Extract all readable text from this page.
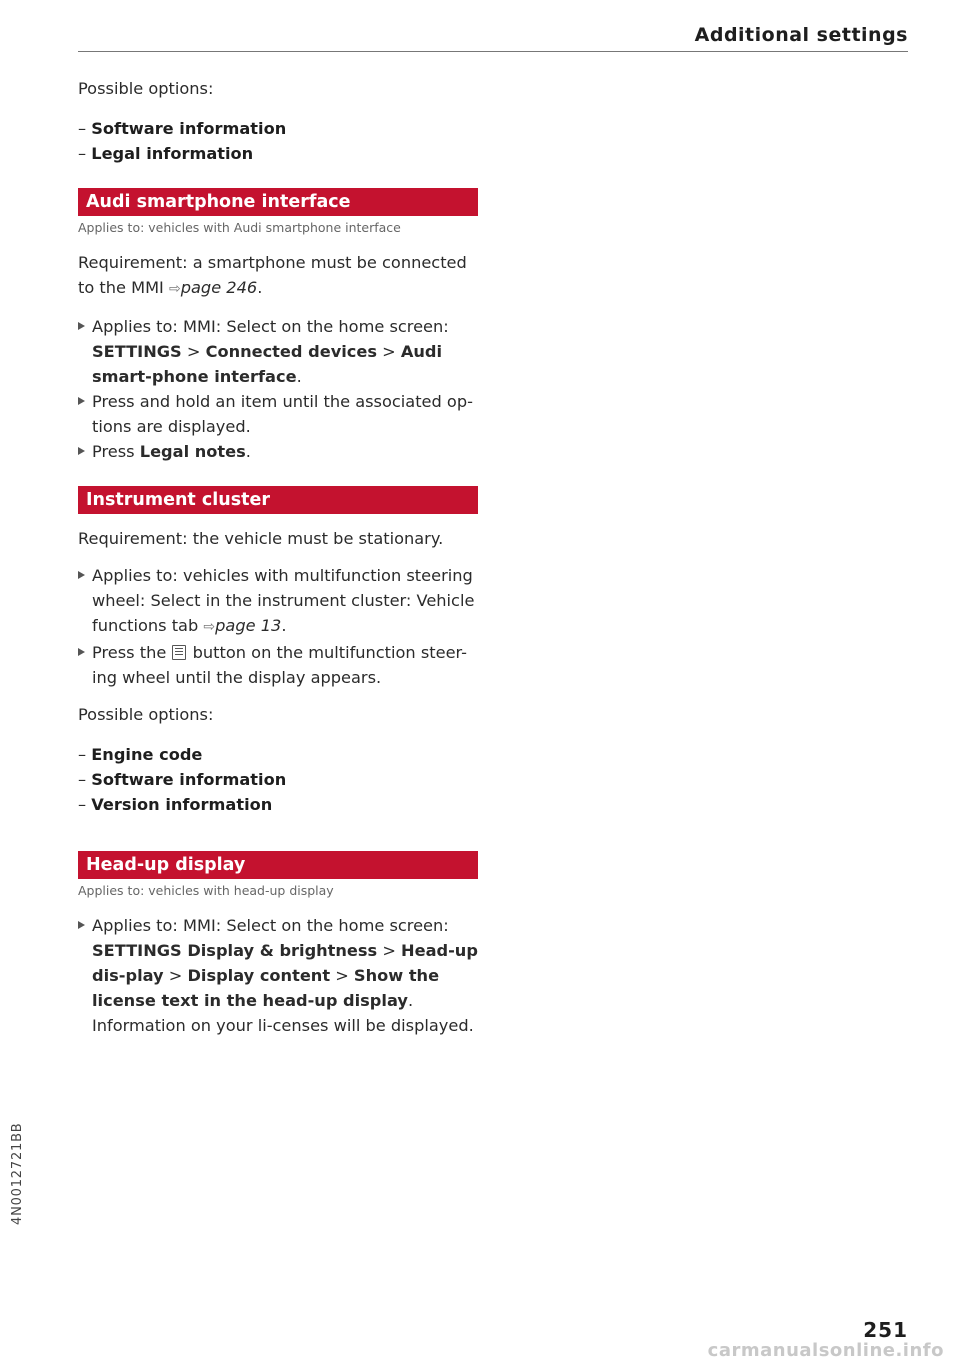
Additional settings

Possible options:

– Software information

– Legal information

Audi smartphone interface
Applies to: vehicles with Audi smartphone interface

Requirement: a smartphone must be connected to the MMI ⇨page 246.

Applies to: MMI: Select on the home screen: SETTINGS > Connected devices > Audi smart-phone interface.

Press and hold an item until the associated op-tions are displayed.

Press Legal notes.

Instrument cluster

Requirement: the vehicle must be stationary.

Applies to: vehicles with multifunction steering wheel: Select in the instrument cluster: Vehicle functions tab ⇨page 13.

Press the button on the multifunction steer-ing wheel until the display appears.

Possible options:

– Engine code

– Software information

– Version information

Head-up display
Applies to: vehicles with head-up display

Applies to: MMI: Select on the home screen: SETTINGS Display & brightness > Head-up dis-play > Display content > Show the license text in the head-up display. Information on your li-censes will be displayed.

4N0012721BB
251
carmanualsonline.info
